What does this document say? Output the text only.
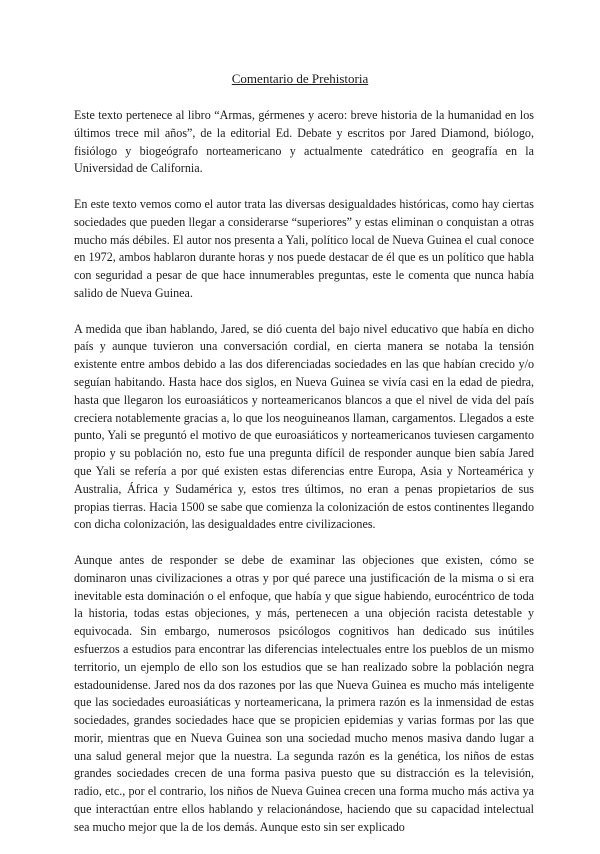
Comentario de Prehistoria

Este texto pertenece al libro “Armas, gérmenes y acero: breve historia de la humanidad en los últimos trece mil años”, de la editorial Ed. Debate y escritos por Jared Diamond, biólogo, fisiólogo y biogeógrafo norteamericano y actualmente catedrático en geografía en la Universidad de California.

En este texto vemos como el autor trata las diversas desigualdades históricas, como hay ciertas sociedades que pueden llegar a considerarse “superiores” y estas eliminan o conquistan a otras mucho más débiles. El autor nos presenta a Yali, político local de Nueva Guinea el cual conoce en 1972, ambos hablaron durante horas y nos puede destacar de él que es un político que habla con seguridad a pesar de que hace innumerables preguntas, este le comenta que nunca había salido de Nueva Guinea.

A medida que iban hablando, Jared, se dió cuenta del bajo nivel educativo que había en dicho país y aunque tuvieron una conversación cordial, en cierta manera se notaba la tensión existente entre ambos debido a las dos diferenciadas sociedades en las que habían crecido y/o seguían habitando. Hasta hace dos siglos, en Nueva Guinea se vivía casi en la edad de piedra, hasta que llegaron los euroasiáticos y norteamericanos blancos a que el nivel de vida del país creciera notablemente gracias a, lo que los neoguineanos llaman, cargamentos. Llegados a este punto, Yali se preguntó el motivo de que euroasiáticos y norteamericanos tuviesen cargamento propio y su población no, esto fue una pregunta difícil de responder aunque bien sabía Jared que Yali se refería a por qué existen estas diferencias entre Europa, Asia y Norteamérica y Australia, África y Sudamérica y, estos tres últimos, no eran a penas propietarios de sus propias tierras. Hacia 1500 se sabe que comienza la colonización de estos continentes llegando con dicha colonización, las desigualdades entre civilizaciones.

Aunque antes de responder se debe de examinar las objeciones que existen, cómo se dominaron unas civilizaciones a otras y por qué parece una justificación de la misma o si era inevitable esta dominación o el enfoque, que había y que sigue habiendo, eurocéntrico de toda la historia, todas estas objeciones, y más, pertenecen a una objeción racista detestable y equivocada. Sin embargo, numerosos psicólogos cognitivos han dedicado sus inútiles esfuerzos a estudios para encontrar las diferencias intelectuales entre los pueblos de un mismo territorio, un ejemplo de ello son los estudios que se han realizado sobre la población negra estadounidense. Jared nos da dos razones por las que Nueva Guinea es mucho más inteligente que las sociedades euroasiáticas y norteamericana, la primera razón es la inmensidad de estas sociedades, grandes sociedades hace que se propicien epidemias y varias formas por las que morir, mientras que en Nueva Guinea son una sociedad mucho menos masiva dando lugar a una salud general mejor que la nuestra. La segunda razón es la genética, los niños de estas grandes sociedades crecen de una forma pasiva puesto que su distracción es la televisión, radio, etc., por el contrario, los niños de Nueva Guinea crecen una forma mucho más activa ya que interactúan entre ellos hablando y relacionándose, haciendo que su capacidad intelectual sea mucho mejor que la de los demás. Aunque esto sin ser explicado
